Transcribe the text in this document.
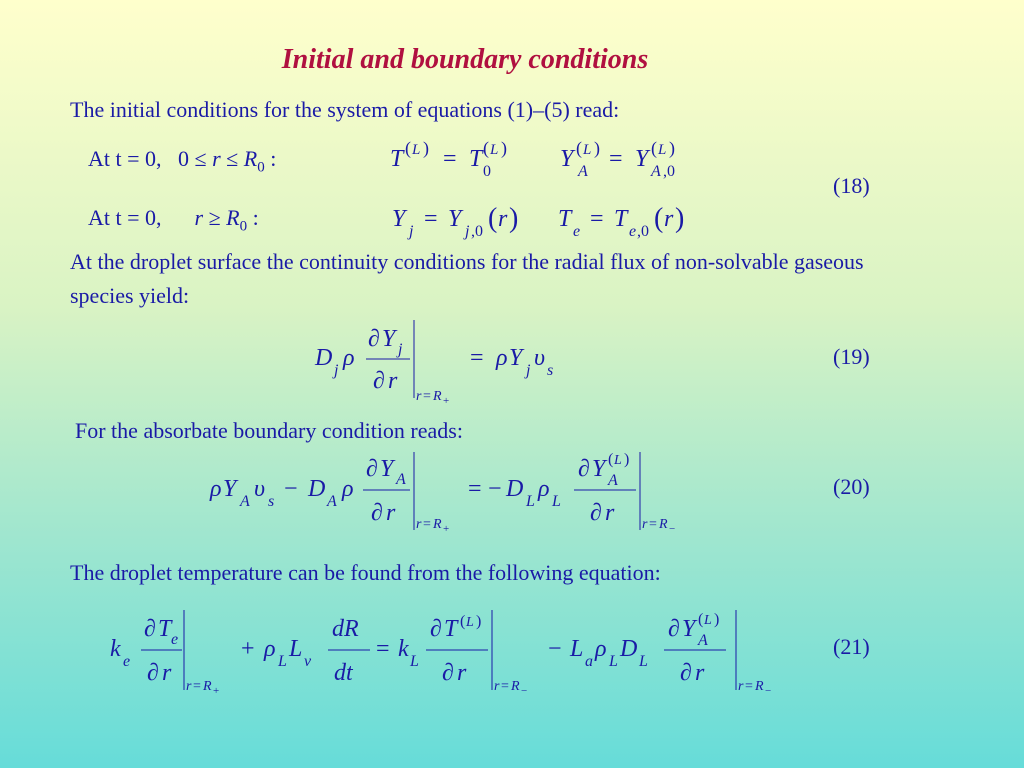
Initial and boundary conditions
The initial conditions for the system of equations (1)–(5) read:
At t = 0,   $0 \le r \le R_0$ :	T ( L ) = T ( L )
0	Y ( L )
A = Y ( L )
A ,0
(18)
At t = 0, $r \ge R_0$ :	Y j = Y j ,0 ( r ) T e = T e ,0 ( r )
At the droplet surface the continuity conditions for the radial flux of non-solvable gaseous species yield:
D j ρ
∂ Y j
∂ r
r = R +
= ρ Y j υ s
(19)
For the absorbate boundary condition reads:
ρ Y A υ s − D A ρ
∂ Y A
∂ r r = R +
= − D L ρ L
∂ Y ( L )
A
∂ r r = R −
(20)
The droplet temperature can be found from the following equation:
k e
∂ T e
∂ r
r = R +
+ ρ L L v
dR
dt
= k L
∂ T ( L )
∂ r
r = R −
− L a ρ L D L
∂ Y ( L )
A
∂ r
r = R −
(21)
